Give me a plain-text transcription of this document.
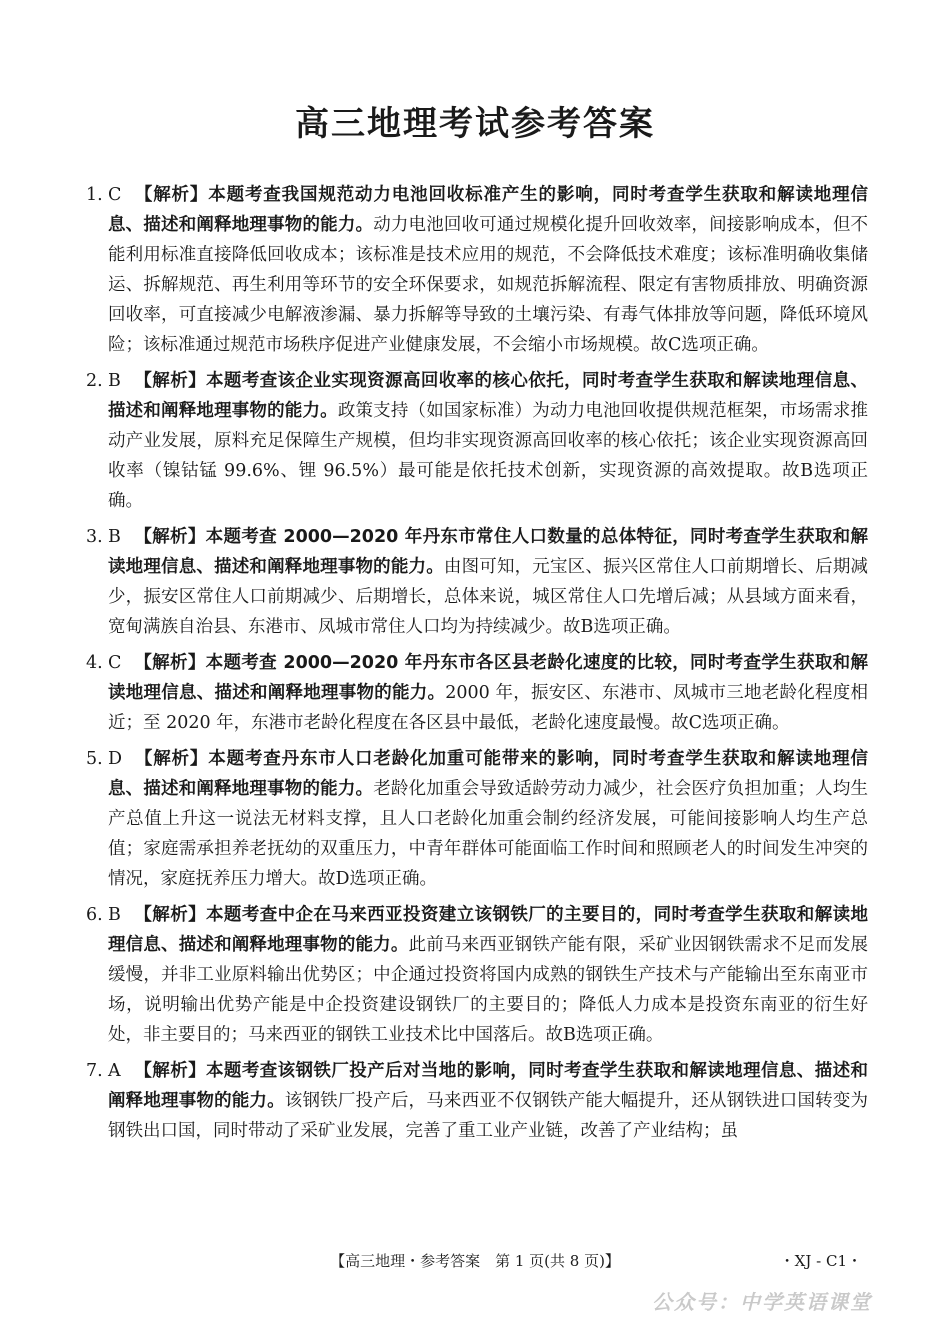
高三地理考试参考答案
1. C 【解析】本题考查我国规范动力电池回收标准产生的影响，同时考查学生获取和解读地理信息、描述和阐释地理事物的能力。动力电池回收可通过规模化提升回收效率，间接影响成本，但不能利用标准直接降低回收成本；该标准是技术应用的规范，不会降低技术难度；该标准明确收集储运、拆解规范、再生利用等环节的安全环保要求，如规范拆解流程、限定有害物质排放、明确资源回收率，可直接减少电解液渗漏、暴力拆解等导致的土壤污染、有毒气体排放等问题，降低环境风险；该标准通过规范市场秩序促进产业健康发展，不会缩小市场规模。故C选项正确。
2. B 【解析】本题考查该企业实现资源高回收率的核心依托，同时考查学生获取和解读地理信息、描述和阐释地理事物的能力。政策支持（如国家标准）为动力电池回收提供规范框架，市场需求推动产业发展，原料充足保障生产规模，但均非实现资源高回收率的核心依托；该企业实现资源高回收率（镍钴锰 99.6%、锂 96.5%）最可能是依托技术创新，实现资源的高效提取。故B选项正确。
3. B 【解析】本题考查 2000—2020 年丹东市常住人口数量的总体特征，同时考查学生获取和解读地理信息、描述和阐释地理事物的能力。由图可知，元宝区、振兴区常住人口前期增长、后期减少，振安区常住人口前期减少、后期增长，总体来说，城区常住人口先增后减；从县域方面来看，宽甸满族自治县、东港市、凤城市常住人口均为持续减少。故B选项正确。
4. C 【解析】本题考查 2000—2020 年丹东市各区县老龄化速度的比较，同时考查学生获取和解读地理信息、描述和阐释地理事物的能力。2000 年，振安区、东港市、凤城市三地老龄化程度相近；至 2020 年，东港市老龄化程度在各区县中最低，老龄化速度最慢。故C选项正确。
5. D 【解析】本题考查丹东市人口老龄化加重可能带来的影响，同时考查学生获取和解读地理信息、描述和阐释地理事物的能力。老龄化加重会导致适龄劳动力减少，社会医疗负担加重；人均生产总值上升这一说法无材料支撑，且人口老龄化加重会制约经济发展，可能间接影响人均生产总值；家庭需承担养老抚幼的双重压力，中青年群体可能面临工作时间和照顾老人的时间发生冲突的情况，家庭抚养压力增大。故D选项正确。
6. B 【解析】本题考查中企在马来西亚投资建立该钢铁厂的主要目的，同时考查学生获取和解读地理信息、描述和阐释地理事物的能力。此前马来西亚钢铁产能有限，采矿业因钢铁需求不足而发展缓慢，并非工业原料输出优势区；中企通过投资将国内成熟的钢铁生产技术与产能输出至东南亚市场，说明输出优势产能是中企投资建设钢铁厂的主要目的；降低人力成本是投资东南亚的衍生好处，非主要目的；马来西亚的钢铁工业技术比中国落后。故B选项正确。
7. A 【解析】本题考查该钢铁厂投产后对当地的影响，同时考查学生获取和解读地理信息、描述和阐释地理事物的能力。该钢铁厂投产后，马来西亚不仅钢铁产能大幅提升，还从钢铁进口国转变为钢铁出口国，同时带动了采矿业发展，完善了重工业产业链，改善了产业结构；虽
【高三地理・参考答案　第 1 页(共 8 页)】	・XJ - C1・
公众号：中学英语课堂
